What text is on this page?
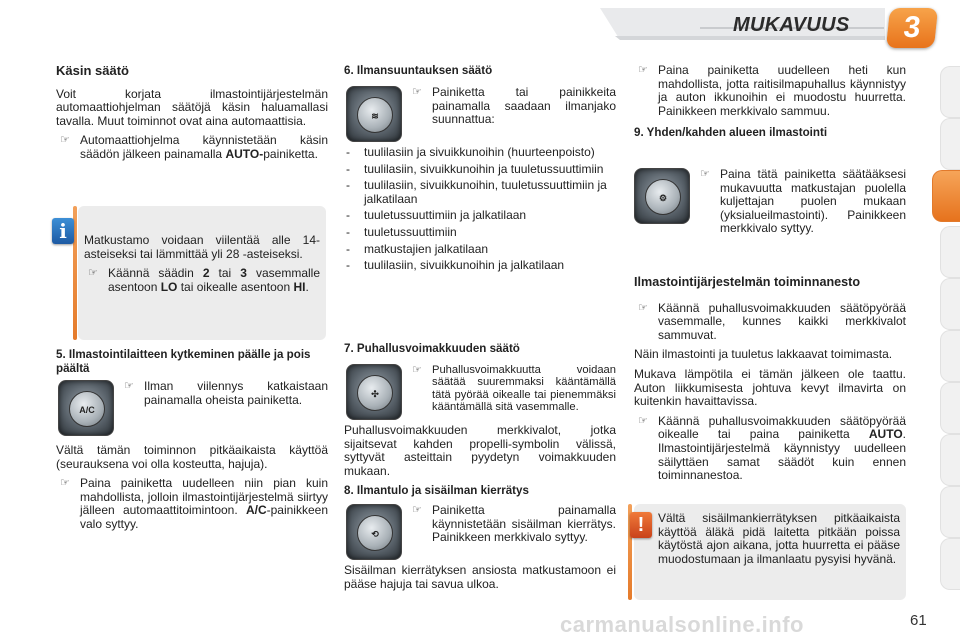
MUKAVUUS	3
Käsin säätö

Voit korjata ilmastointijärjestelmän automaattiohjelman säätöjä käsin haluamallasi tavalla. Muut toiminnot ovat aina automaattisia.

☞ Automaattiohjelma käynnistetään käsin säädön jälkeen painamalla AUTO-painiketta.
i	Matkustamo voidaan viilentää alle 14-asteiseksi tai lämmittää yli 28 -asteiseksi.

☞ Käännä säädin 2 tai 3 vasemmalle asentoon LO tai oikealle asentoon HI.
5. Ilmastointilaitteen kytkeminen päälle ja pois päältä
A/C
☞ Ilman viilennys katkaistaan painamalla oheista painiketta.

Vältä tämän toiminnon pitkäaikaista käyttöä (seurauksena voi olla kosteutta, hajuja).

☞ Paina painiketta uudelleen niin pian kuin mahdollista, jolloin ilmastointijärjestelmä siirtyy jälleen automaattitoimintoon. A/C-painikkeen valo syttyy.
6. Ilmansuuntauksen säätö
≋
☞ Painiketta tai painikkeita painamalla saadaan ilmanjako suunnattua:
-	tuulilasiin ja sivuikkunoihin (huurteenpoisto)
-	tuulilasiin, sivuikkunoihin ja tuuletussuuttimiin
-	tuulilasiin, sivuikkunoihin, tuuletussuuttimiin ja jalkatilaan
-	tuuletussuuttimiin ja jalkatilaan
-	tuuletussuuttimiin
-	matkustajien jalkatilaan
-	tuulilasiin, sivuikkunoihin ja jalkatilaan
7. Puhallusvoimakkuuden säätö
✣
☞ Puhallusvoimakkuutta voidaan säätää suuremmaksi kääntämällä tätä pyörää oikealle tai pienemmäksi kääntämällä sitä vasemmalle.

Puhallusvoimakkuuden merkkivalot, jotka sijaitsevat kahden propelli-symbolin välissä, syttyvät asteittain pyydetyn voimakkuuden mukaan.

8. Ilmantulo ja sisäilman kierrätys
⟲
☞ Painiketta painamalla käynnistetään sisäilman kierrätys. Painikkeen merkkivalo syttyy.

Sisäilman kierrätyksen ansiosta matkustamoon ei pääse hajuja tai savua ulkoa.

☞ Paina painiketta uudelleen heti kun mahdollista, jotta raitisilmapuhallus käynnistyy ja auton ikkunoihin ei muodostu huurretta. Painikkeen merkkivalo sammuu.
9. Yhden/kahden alueen ilmastointi
⚙
☞ Paina tätä painiketta säätääksesi mukavuutta matkustajan puolella kuljettajan puolen mukaan (yksialueilmastointi). Painikkeen merkkivalo syttyy.
Ilmastointijärjestelmän toiminnanesto
☞ Käännä puhallusvoimakkuuden säätöpyörää vasemmalle, kunnes kaikki merkkivalot sammuvat.

Näin ilmastointi ja tuuletus lakkaavat toimimasta.

Mukava lämpötila ei tämän jälkeen ole taattu. Auton liikkumisesta johtuva kevyt ilmavirta on kuitenkin havaittavissa.

☞ Käännä puhallusvoimakkuuden säätöpyörää oikealle tai paina painiketta AUTO. Ilmastointijärjestelmä käynnistyy uudelleen säilyttäen samat säädöt kuin ennen toiminnanestoa.
!	Vältä sisäilmankierrätyksen pitkäaikaista käyttöä äläkä pidä laitetta pitkään poissa käytöstä ajon aikana, jotta huurretta ei pääse muodostumaan ja ilmanlaatu pysyisi hyvänä.

carmanualsonline.info	61
